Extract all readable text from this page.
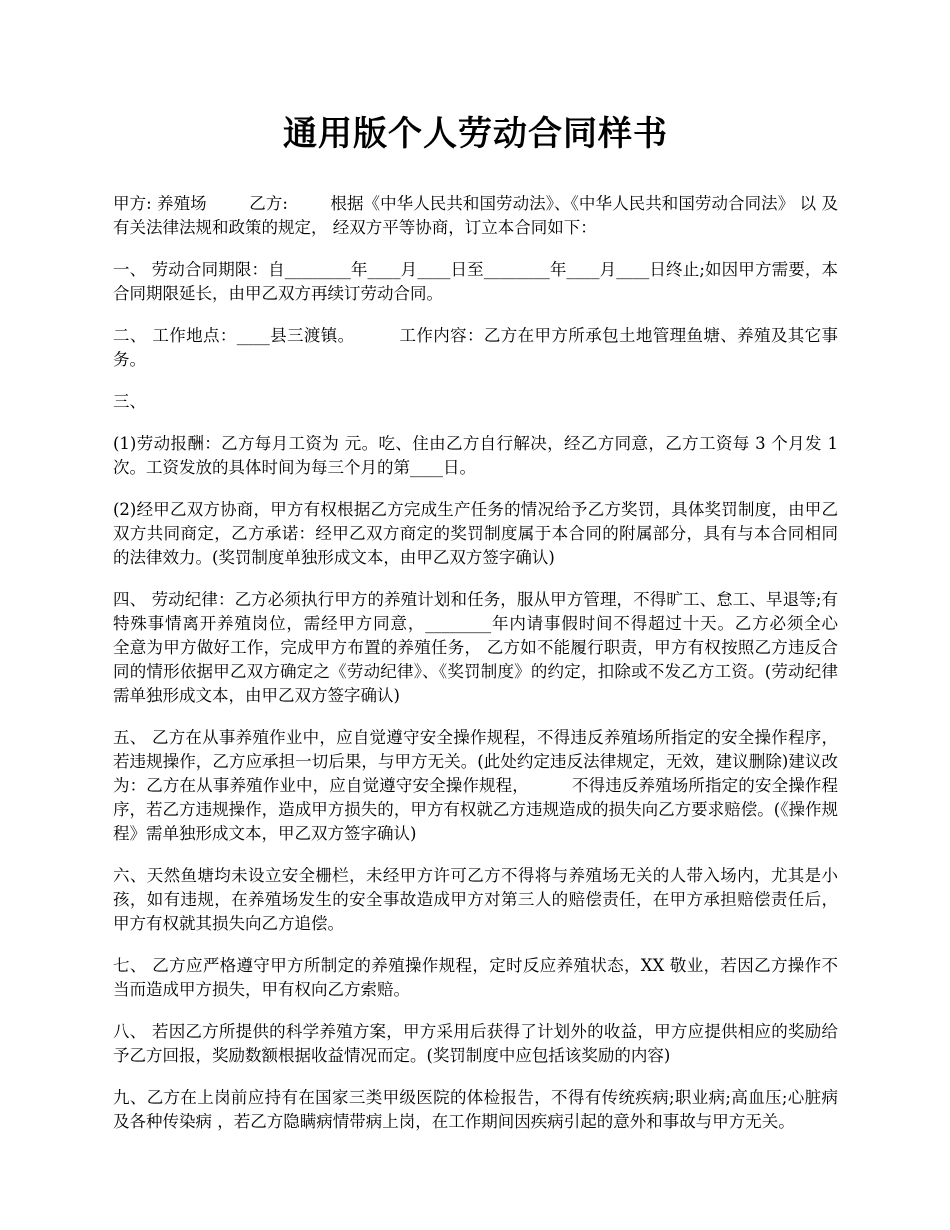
通用版个人劳动合同样书

甲方: 养殖场        乙方:        根据《中华人民共和国劳动法》、《中华人民共和国劳动合同法》 以 及有关法律法规和政策的规定， 经双方平等协商，订立本合同如下：

一、 劳动合同期限：自________年____月____日至________年____月____日终止;如因甲方需要，本合同期限延长，由甲乙双方再续订劳动合同。

二、 工作地点：____县三渡镇。        工作内容：乙方在甲方所承包土地管理鱼塘、养殖及其它事务。

三、

(1)劳动报酬：乙方每月工资为 元。吃、住由乙方自行解决，经乙方同意，乙方工资每 3 个月发 1 次。工资发放的具体时间为每三个月的第____日。

(2)经甲乙双方协商，甲方有权根据乙方完成生产任务的情况给予乙方奖罚，具体奖罚制度，由甲乙双方共同商定，乙方承诺：经甲乙双方商定的奖罚制度属于本合同的附属部分，具有与本合同相同的法律效力。(奖罚制度单独形成文本，由甲乙双方签字确认)

四、 劳动纪律：乙方必须执行甲方的养殖计划和任务，服从甲方管理，不得旷工、怠工、早退等;有特殊事情离开养殖岗位，需经甲方同意，________年内请事假时间不得超过十天。乙方必须全心        全意为甲方做好工作，完成甲方布置的养殖任务， 乙方如不能履行职责，甲方有权按照乙方违反合同的情形依据甲乙双方确定之《劳动纪律》、《奖罚制度》的约定，扣除或不发乙方工资。(劳动纪律需单独形成文本，由甲乙双方签字确认)

五、 乙方在从事养殖作业中，应自觉遵守安全操作规程，不得违反养殖场所指定的安全操作程序，若违规操作，乙方应承担一切后果，与甲方无关。(此处约定违反法律规定，无效，建议删除)建议改为：乙方在从事养殖作业中，应自觉遵守安全操作规程，        不得违反养殖场所指定的安全操作程序，若乙方违规操作，造成甲方损失的，甲方有权就乙方违规造成的损失向乙方要求赔偿。(《操作规程》需单独形成文本，甲乙双方签字确认)

六、天然鱼塘均未设立安全栅栏，未经甲方许可乙方不得将与养殖场无关的人带入场内，尤其是小孩，如有违规，在养殖场发生的安全事故造成甲方对第三人的赔偿责任，在甲方承担赔偿责任后，甲方有权就其损失向乙方追偿。

七、 乙方应严格遵守甲方所制定的养殖操作规程，定时反应养殖状态，XX 敬业，若因乙方操作不当而造成甲方损失，甲有权向乙方索赔。

八、 若因乙方所提供的科学养殖方案，甲方采用后获得了计划外的收益，甲方应提供相应的奖励给予乙方回报，奖励数额根据收益情况而定。(奖罚制度中应包括该奖励的内容)

九、乙方在上岗前应持有在国家三类甲级医院的体检报告，不得有传统疾病;职业病;高血压;心脏病及各种传染病 ，若乙方隐瞒病情带病上岗，在工作期间因疾病引起的意外和事故与甲方无关。
